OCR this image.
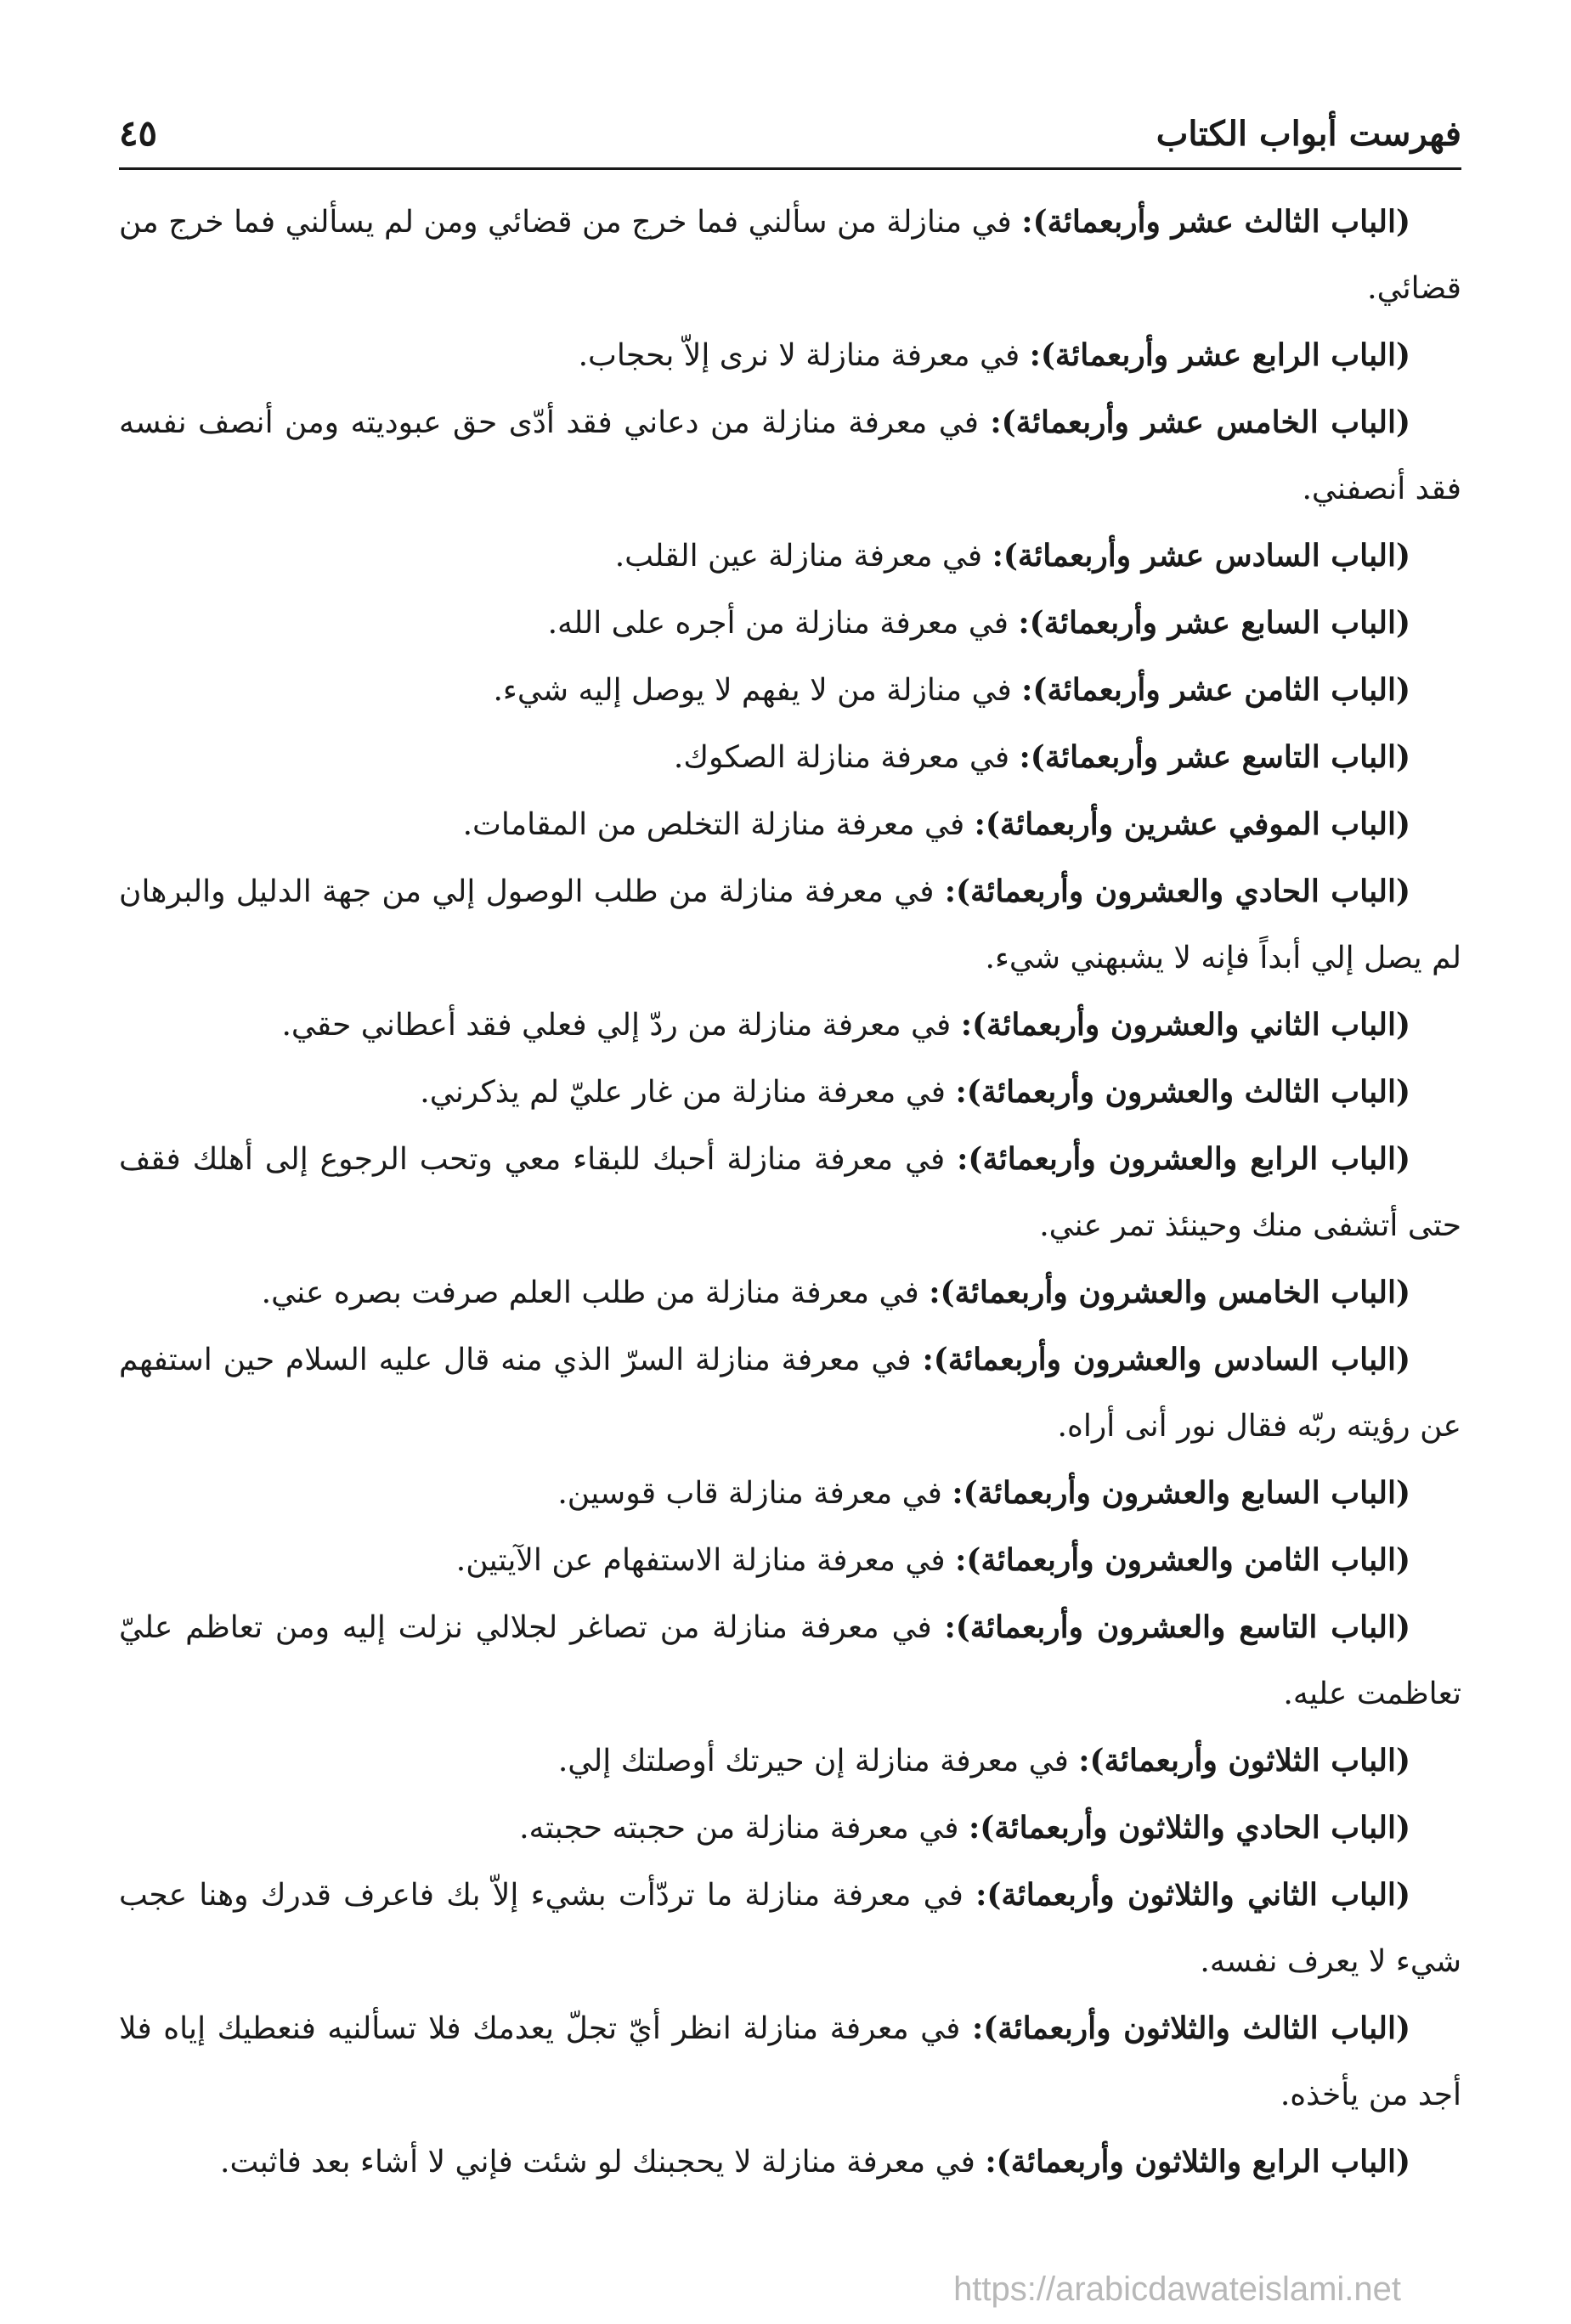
فهرست أبواب الكتاب
٤٥

(الباب الثالث عشر وأربعمائة): في منازلة من سألني فما خرج من قضائي ومن لم يسألني فما خرج من قضائي.

(الباب الرابع عشر وأربعمائة): في معرفة منازلة لا نرى إلاّ بحجاب.

(الباب الخامس عشر وأربعمائة): في معرفة منازلة من دعاني فقد أدّى حق عبوديته ومن أنصف نفسه فقد أنصفني.

(الباب السادس عشر وأربعمائة): في معرفة منازلة عين القلب.

(الباب السابع عشر وأربعمائة): في معرفة منازلة من أجره على الله.

(الباب الثامن عشر وأربعمائة): في منازلة من لا يفهم لا يوصل إليه شيء.

(الباب التاسع عشر وأربعمائة): في معرفة منازلة الصكوك.

(الباب الموفي عشرين وأربعمائة): في معرفة منازلة التخلص من المقامات.

(الباب الحادي والعشرون وأربعمائة): في معرفة منازلة من طلب الوصول إلي من جهة الدليل والبرهان لم يصل إلي أبداً فإنه لا يشبهني شيء.

(الباب الثاني والعشرون وأربعمائة): في معرفة منازلة من ردّ إلي فعلي فقد أعطاني حقي.

(الباب الثالث والعشرون وأربعمائة): في معرفة منازلة من غار عليّ لم يذكرني.

(الباب الرابع والعشرون وأربعمائة): في معرفة منازلة أحبك للبقاء معي وتحب الرجوع إلى أهلك فقف حتى أتشفى منك وحينئذ تمر عني.

(الباب الخامس والعشرون وأربعمائة): في معرفة منازلة من طلب العلم صرفت بصره عني.

(الباب السادس والعشرون وأربعمائة): في معرفة منازلة السرّ الذي منه قال عليه السلام حين استفهم عن رؤيته ربّه فقال نور أنى أراه.

(الباب السابع والعشرون وأربعمائة): في معرفة منازلة قاب قوسين.

(الباب الثامن والعشرون وأربعمائة): في معرفة منازلة الاستفهام عن الآيتين.

(الباب التاسع والعشرون وأربعمائة): في معرفة منازلة من تصاغر لجلالي نزلت إليه ومن تعاظم عليّ تعاظمت عليه.

(الباب الثلاثون وأربعمائة): في معرفة منازلة إن حيرتك أوصلتك إلي.

(الباب الحادي والثلاثون وأربعمائة): في معرفة منازلة من حجبته حجبته.

(الباب الثاني والثلاثون وأربعمائة): في معرفة منازلة ما تردّأت بشيء إلاّ بك فاعرف قدرك وهنا عجب شيء لا يعرف نفسه.

(الباب الثالث والثلاثون وأربعمائة): في معرفة منازلة انظر أيّ تجلّ يعدمك فلا تسألنيه فنعطيك إياه فلا أجد من يأخذه.

(الباب الرابع والثلاثون وأربعمائة): في معرفة منازلة لا يحجبنك لو شئت فإني لا أشاء بعد فاثبت.

https://arabicdawateislami.net
